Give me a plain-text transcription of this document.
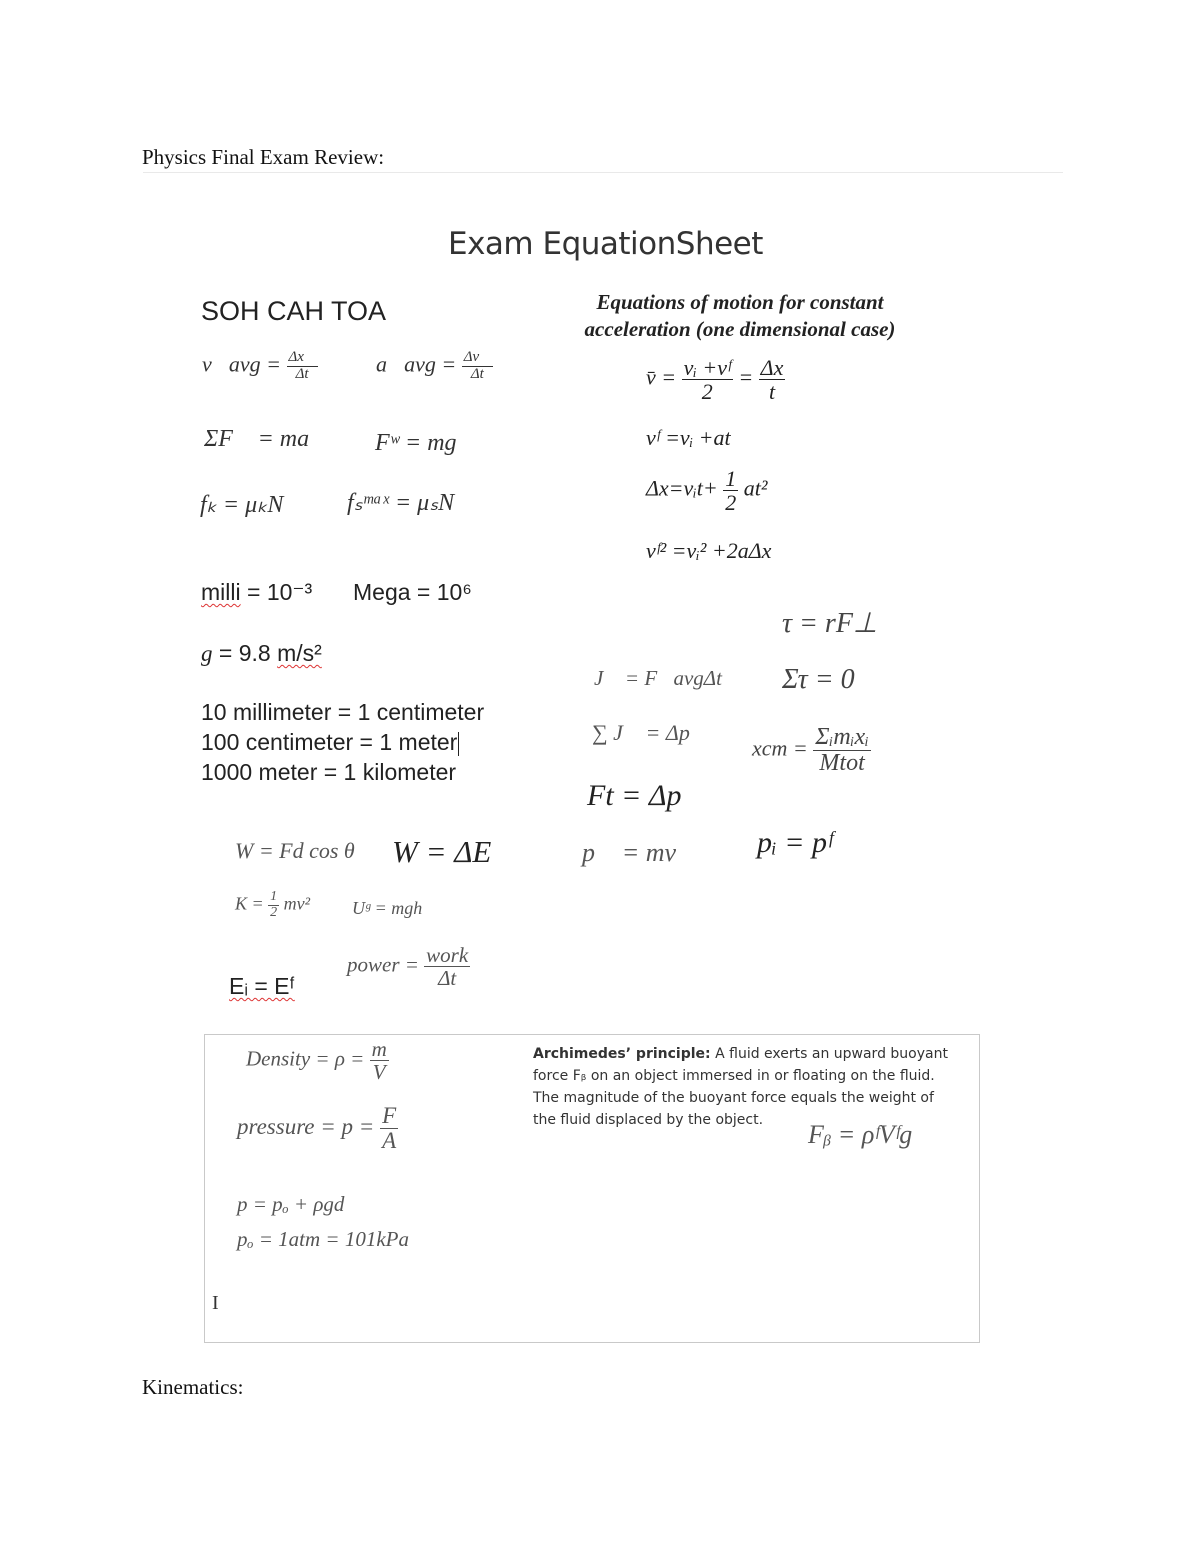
Physics Final Exam Review:
Exam EquationSheet
SOH CAH TOA	Equations of motion for constant
acceleration (one dimensional case)
v⃗avg = $\frac{\Delta x⃗}{\Delta t}$	a⃗avg = $\frac{\Delta v⃗}{\Delta t}$
ΣF⃗ = ma⃗ Fʷ = mg
fₖ = μₖN	fₛᵐᵃˣ = μₛN
v̄ = $\frac{\text{vᵢ +vᶠ}}{2} = \frac{\Delta x}{t}$
vᶠ =vᵢ +at
Δx=vᵢt+ $\frac{1}{2} at^2$
vᶠ² =vᵢ² +2aΔx
milli = 10⁻³ Mega = 10⁶
g = 9.8 m/s²
10 millimeter = 1 centimeter
100 centimeter = 1 meter
1000 meter = 1 kilometer
τ = rF⊥
Στ = 0
J⃗ = F⃗avgΔt
∑ J⃗ = Δp⃗
xcm = $\frac{\text{Σᵢmᵢxᵢ}}{\text{Mtot}}$
Ft = Δp
W = Fd cos θ W = ΔE	p⃗ = mv⃗ pᵢ = pᶠ
$K = \frac{1}{2} mv^2$ Uᵍ = mgh
Eᵢ = Eᶠ
power = $\frac{\text{work}}{\Delta t}$
Density = $\rho = \frac{m}{V}$
pressure = $p = \frac{F}{A}$
p = pₒ + ρgd
pₒ = 1atm = 101kPa
I
Archimedes’ principle: A fluid exerts an upward buoyant force Fᵦ on an object immersed in or floating on the fluid. The magnitude of the buoyant force equals the weight of the fluid displaced by the object.	Fᵦ = ρᶠVᶠg
Kinematics:
